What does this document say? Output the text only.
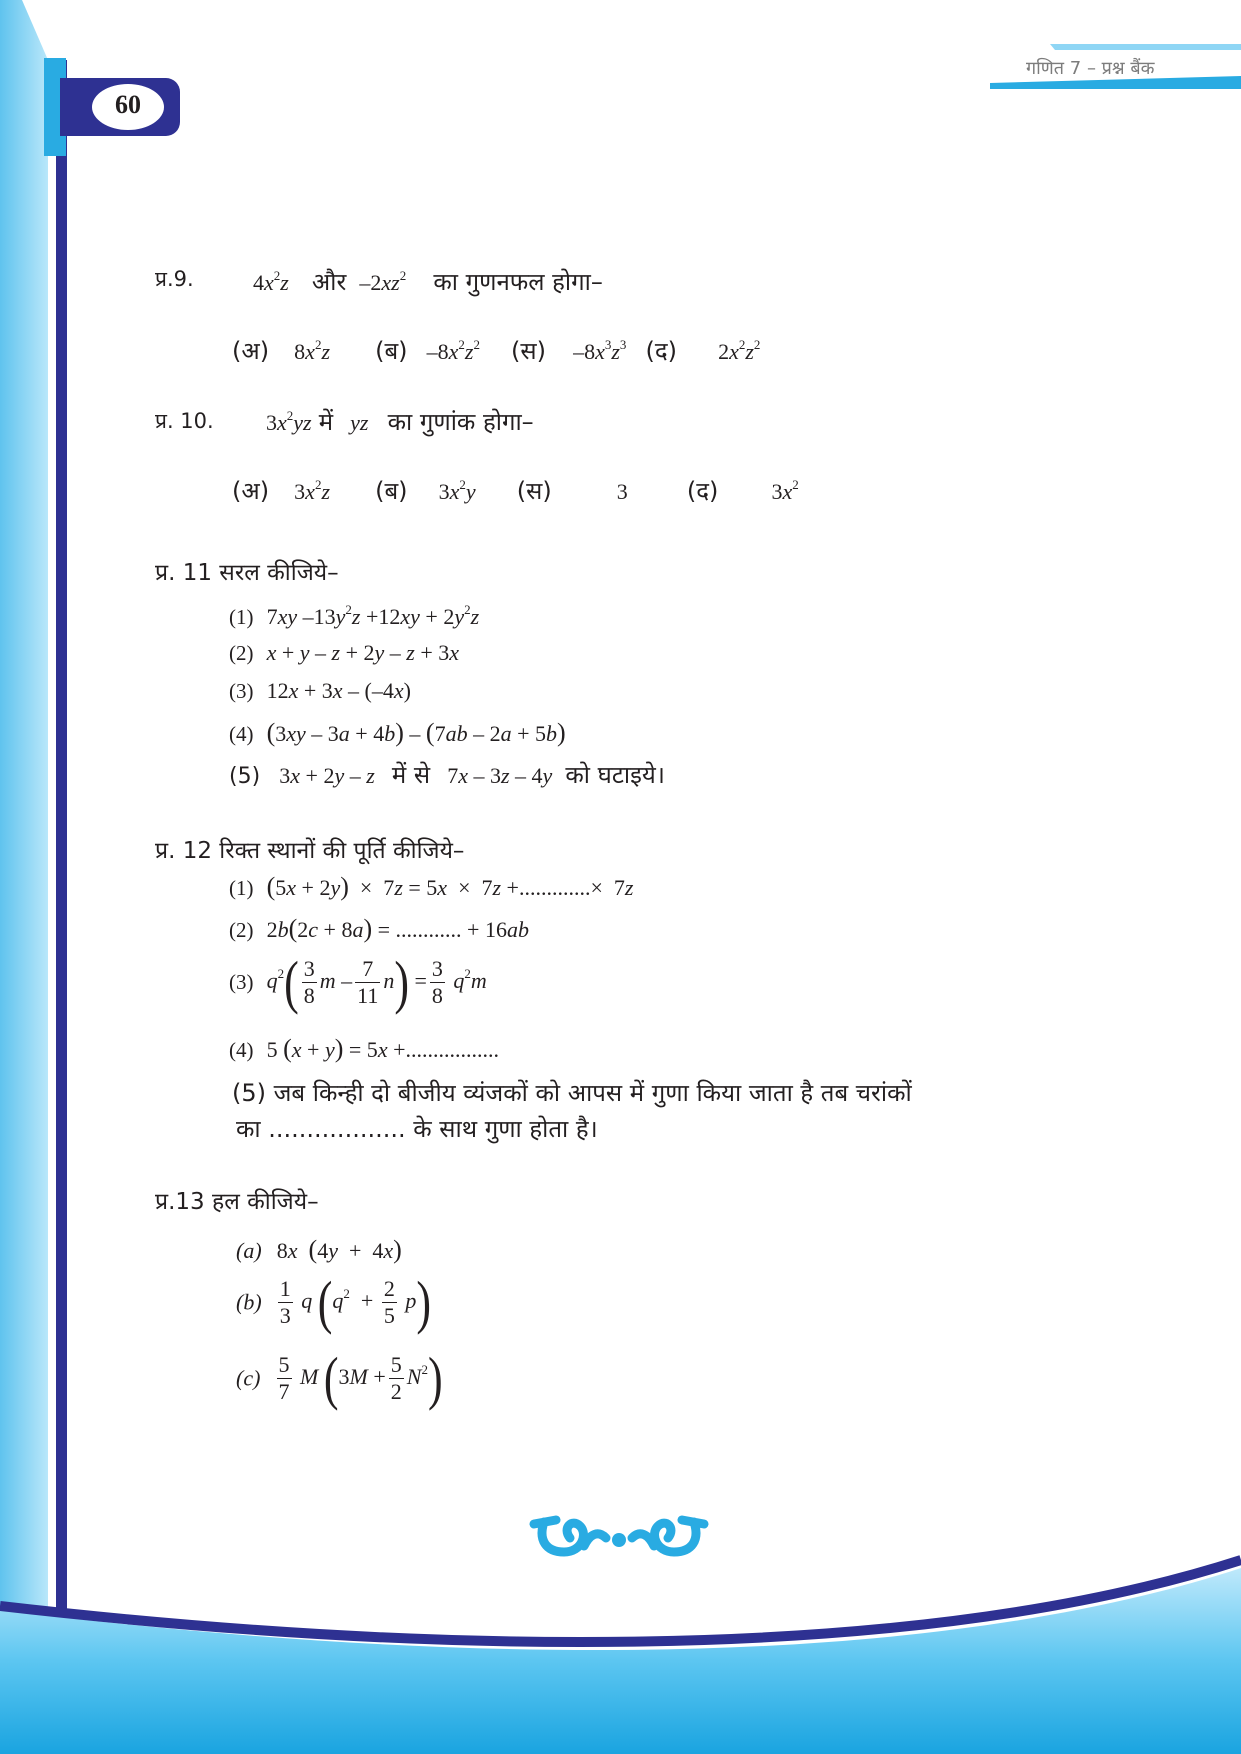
60
गणित 7 – प्रश्न बैंक
प्र.9.	$4x^2z$ और $-2xz^2$ का गुणनफल होगा–
(अ) $8x^2z$ (ब) $-8x^2z^2$ (स) $-8x^3z^3$ (द) $2x^2z^2$
प्र. 10. $3x^2yz$ में yz का गुणांक होगा–
(अ) $3x^2z$ (ब) $3x^2y$ (स)	3 (द) $3x^2$
प्र. 11 सरल कीजिये–
(1) 7xy $-13y^2z +12xy + 2y^2z$
(2) x + y – z + 2y – z + 3x
(3) 12x + 3x – (–4x)
(4) (3xy – 3a + 4b) – (7ab – 2a + 5b)
(5) 3x + 2y – z में से 7x – 3z – 4y को घटाइये।
प्र. 12 रिक्त स्थानों की पूर्ति कीजिये–
(1) (5x + 2y)  ×  7z = 5x  ×  7z +.............×  7z
(2) 2b(2c + 8a) = ............ + 16ab
(3) $q^2( \frac{3}{8}$ $m - \frac{7}{11} n) = \frac{3}{8} q^2m$
(4) 5 (x + y) = 5x +.................
(5) जब किन्ही दो बीजीय व्यंजकों को आपस में गुणा किया जाता है तब चरांकों
का .................. के साथ गुणा होता है।
प्र.13 हल कीजिये–
(a) 8x  (4y  + 4x)
$(b) \frac{1}{3}$ q $(q^2 + \frac{2}{5} p)$
$(c) \frac{5}{7}$ M $(3M + \frac{5}{2} N^2)$
